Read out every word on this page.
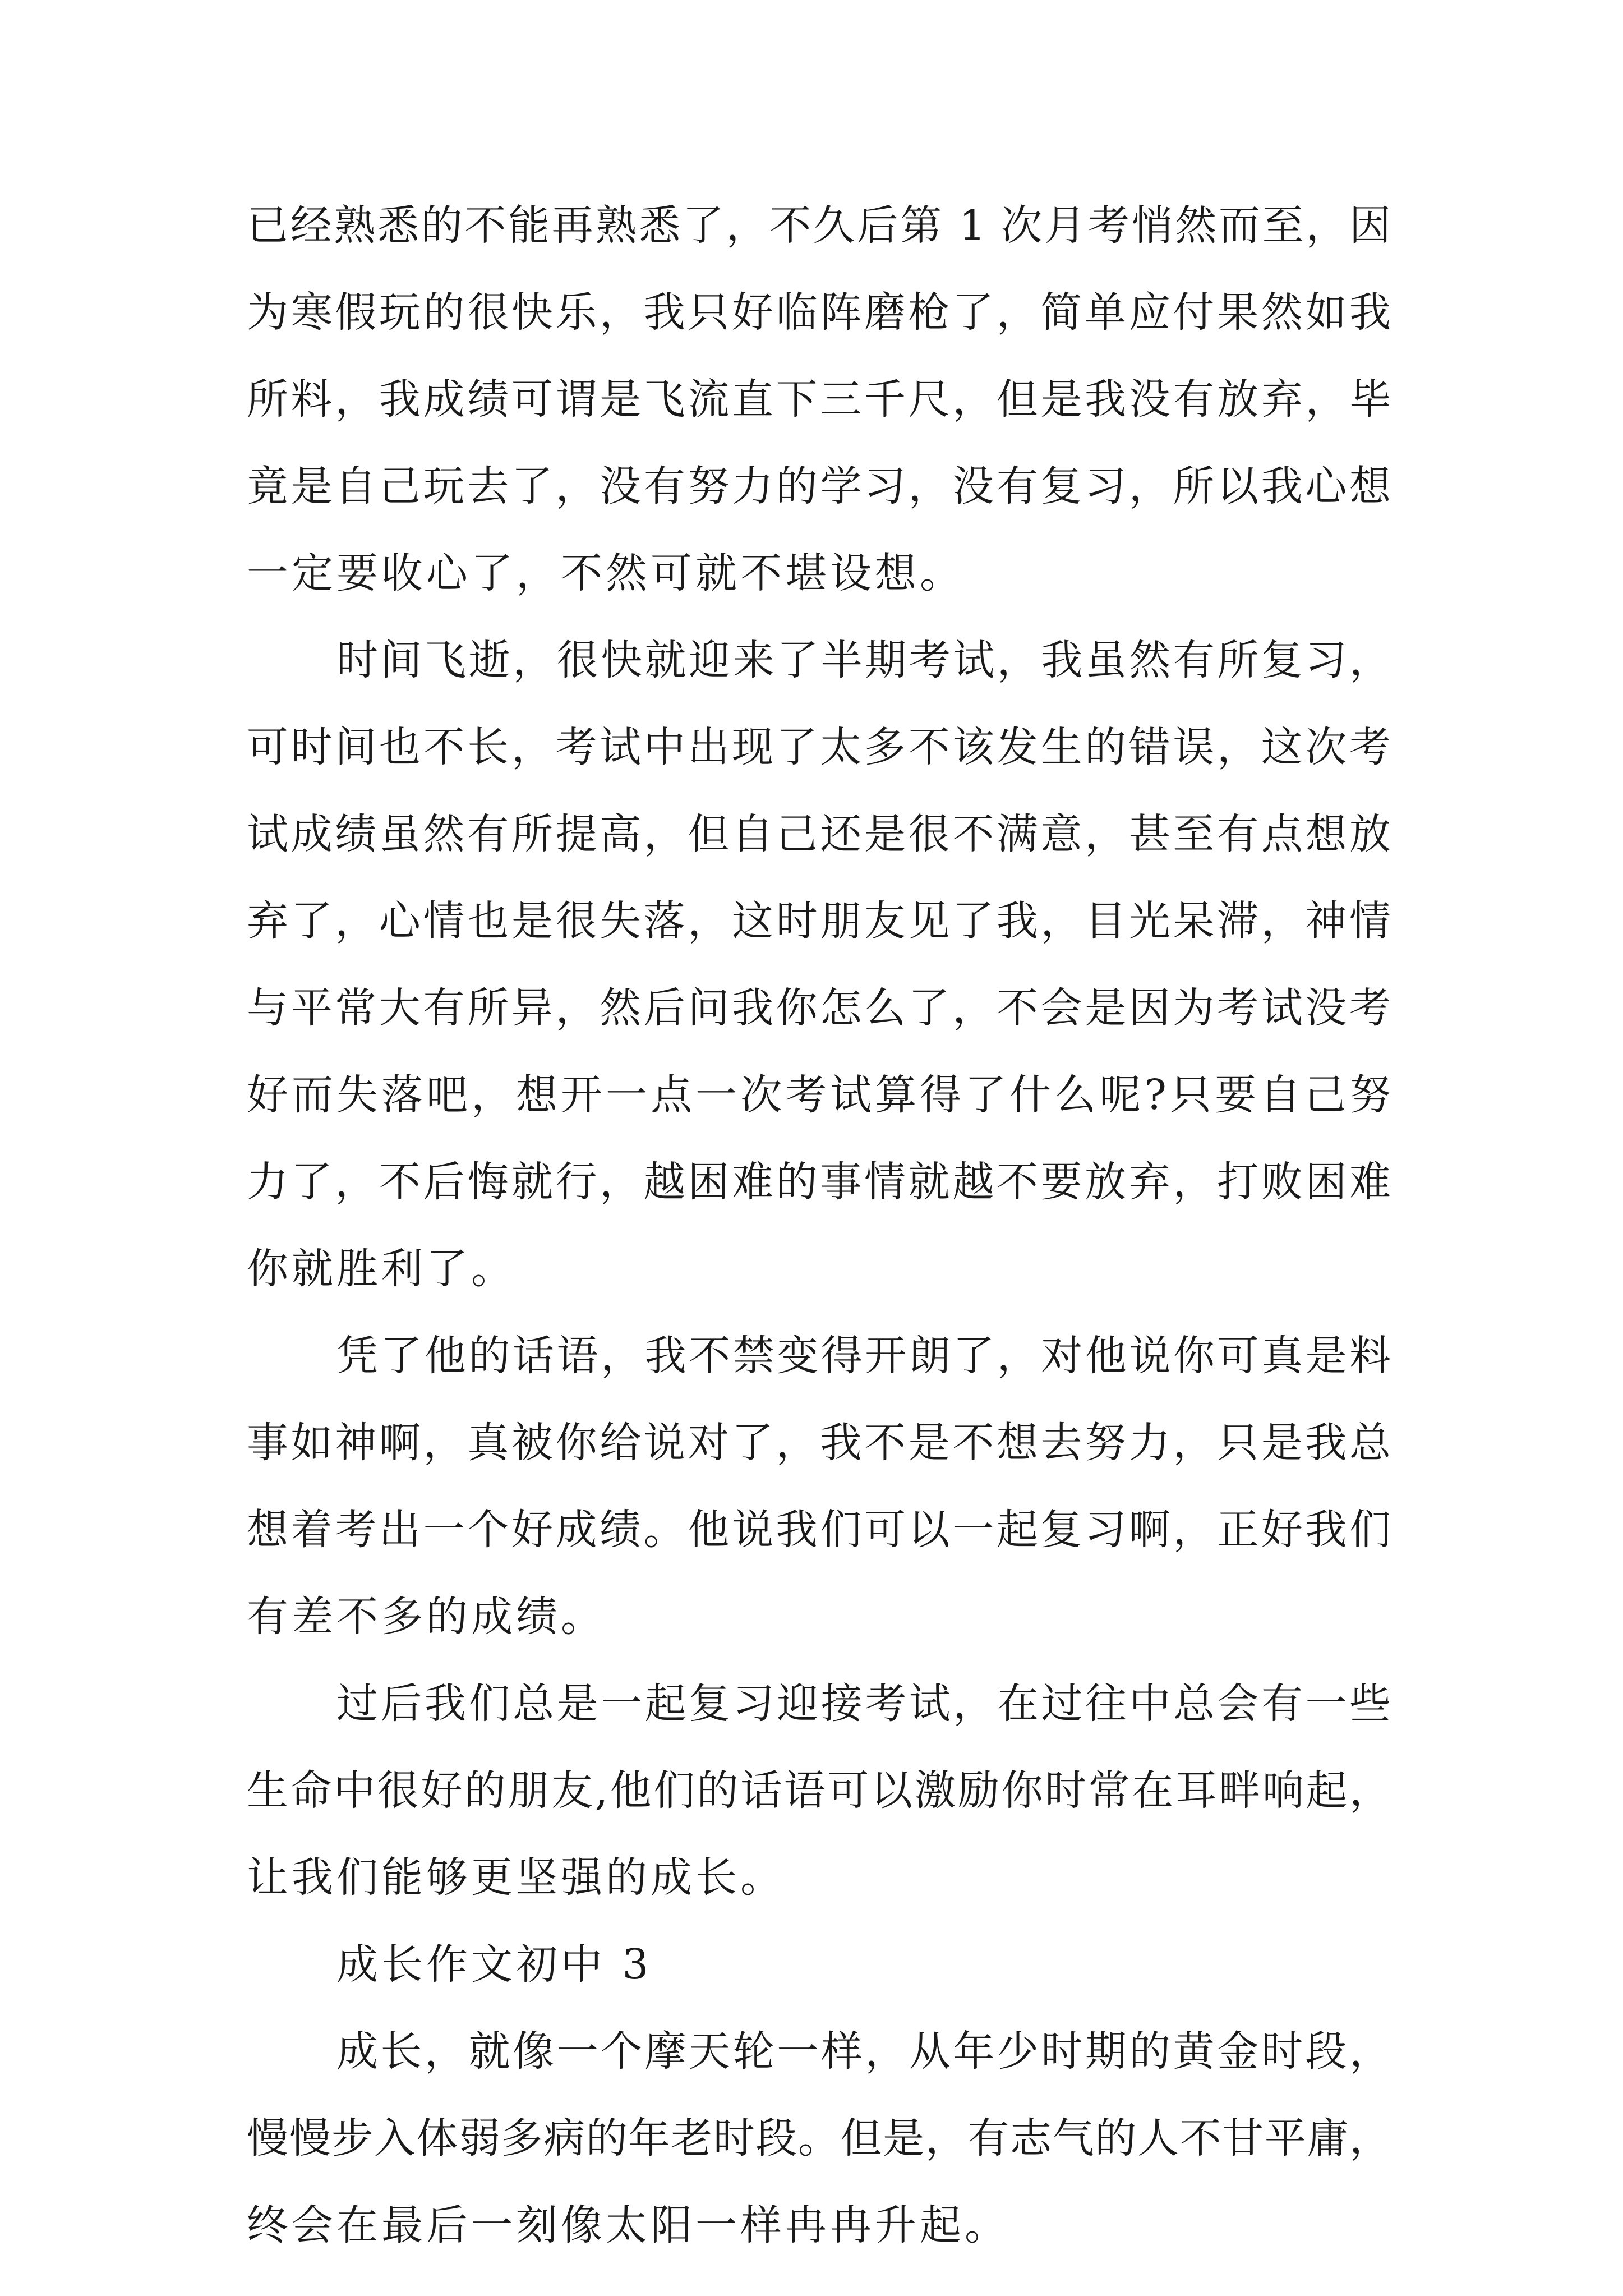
已经熟悉的不能再熟悉了，不久后第 1 次月考悄然而至，因
为寒假玩的很快乐，我只好临阵磨枪了，简单应付果然如我
所料，我成绩可谓是飞流直下三千尺，但是我没有放弃，毕
竟是自己玩去了，没有努力的学习，没有复习，所以我心想
一定要收心了，不然可就不堪设想。
时间飞逝，很快就迎来了半期考试，我虽然有所复习，
可时间也不长，考试中出现了太多不该发生的错误，这次考
试成绩虽然有所提高，但自己还是很不满意，甚至有点想放
弃了，心情也是很失落，这时朋友见了我，目光呆滞，神情
与平常大有所异，然后问我你怎么了，不会是因为考试没考
好而失落吧，想开一点一次考试算得了什么呢?只要自己努
力了，不后悔就行，越困难的事情就越不要放弃，打败困难
你就胜利了。
凭了他的话语，我不禁变得开朗了，对他说你可真是料
事如神啊，真被你给说对了，我不是不想去努力，只是我总
想着考出一个好成绩。他说我们可以一起复习啊，正好我们
有差不多的成绩。
过后我们总是一起复习迎接考试，在过往中总会有一些
生命中很好的朋友,他们的话语可以激励你时常在耳畔响起，
让我们能够更坚强的成长。
成长作文初中 3
成长，就像一个摩天轮一样，从年少时期的黄金时段，
慢慢步入体弱多病的年老时段。但是，有志气的人不甘平庸，
终会在最后一刻像太阳一样冉冉升起。
